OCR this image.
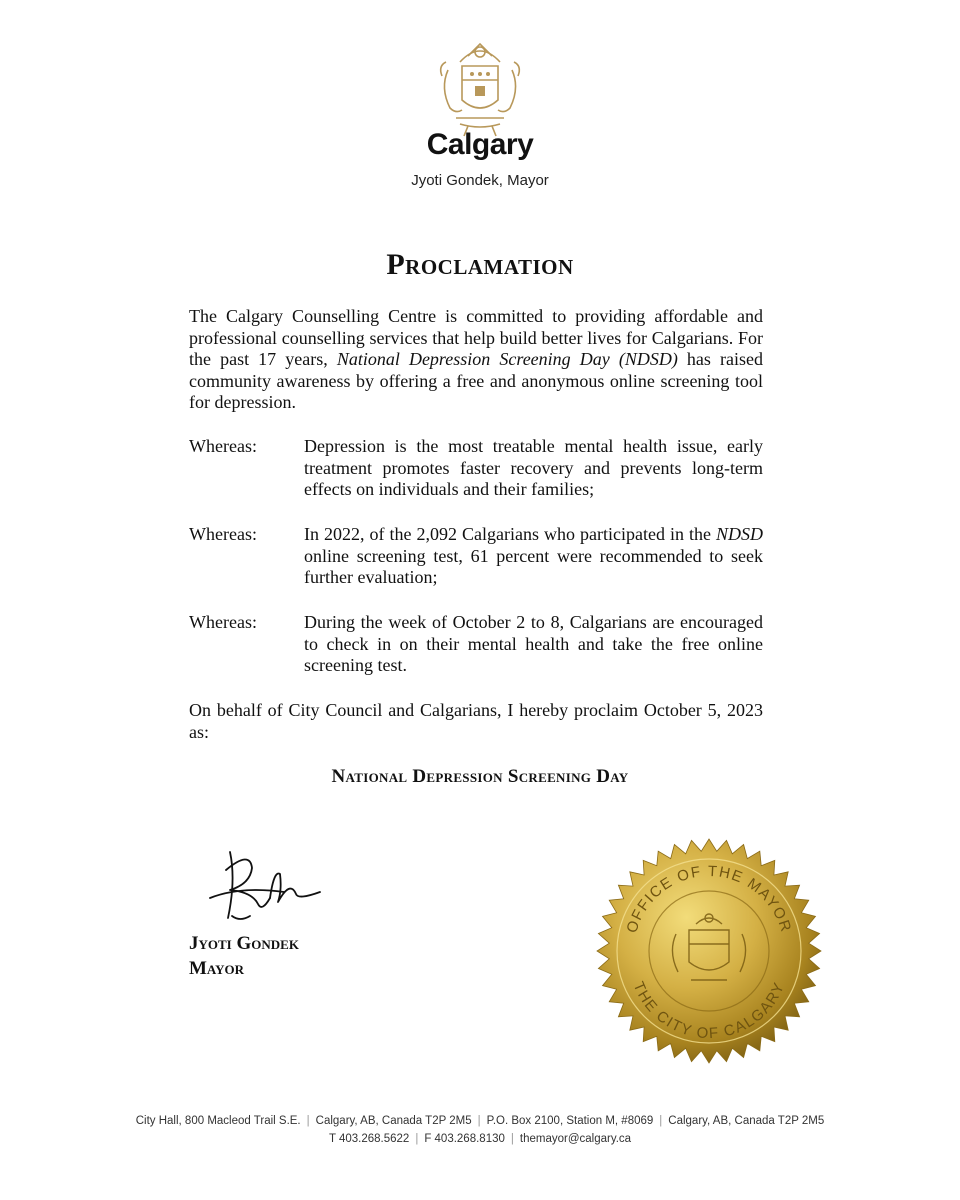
Calgary
Jyoti Gondek, Mayor
Proclamation
The Calgary Counselling Centre is committed to providing affordable and professional counselling services that help build better lives for Calgarians. For the past 17 years, National Depression Screening Day (NDSD) has raised community awareness by offering a free and anonymous online screening tool for depression.
Whereas:	Depression is the most treatable mental health issue, early treatment promotes faster recovery and prevents long-term effects on individuals and their families;
Whereas:	In 2022, of the 2,092 Calgarians who participated in the NDSD online screening test, 61 percent were recommended to seek further evaluation;
Whereas:	During the week of October 2 to 8, Calgarians are encouraged to check in on their mental health and take the free online screening test.
On behalf of City Council and Calgarians, I hereby proclaim October 5, 2023 as:
National Depression Screening Day
Jyoti Gondek
Mayor
OFFICE OF THE MAYOR
THE CITY OF CALGARY
City Hall, 800 Macleod Trail S.E. | Calgary, AB, Canada T2P 2M5 | P.O. Box 2100, Station M, #8069 | Calgary, AB, Canada T2P 2M5
T 403.268.5622 | F 403.268.8130 | themayor@calgary.ca
